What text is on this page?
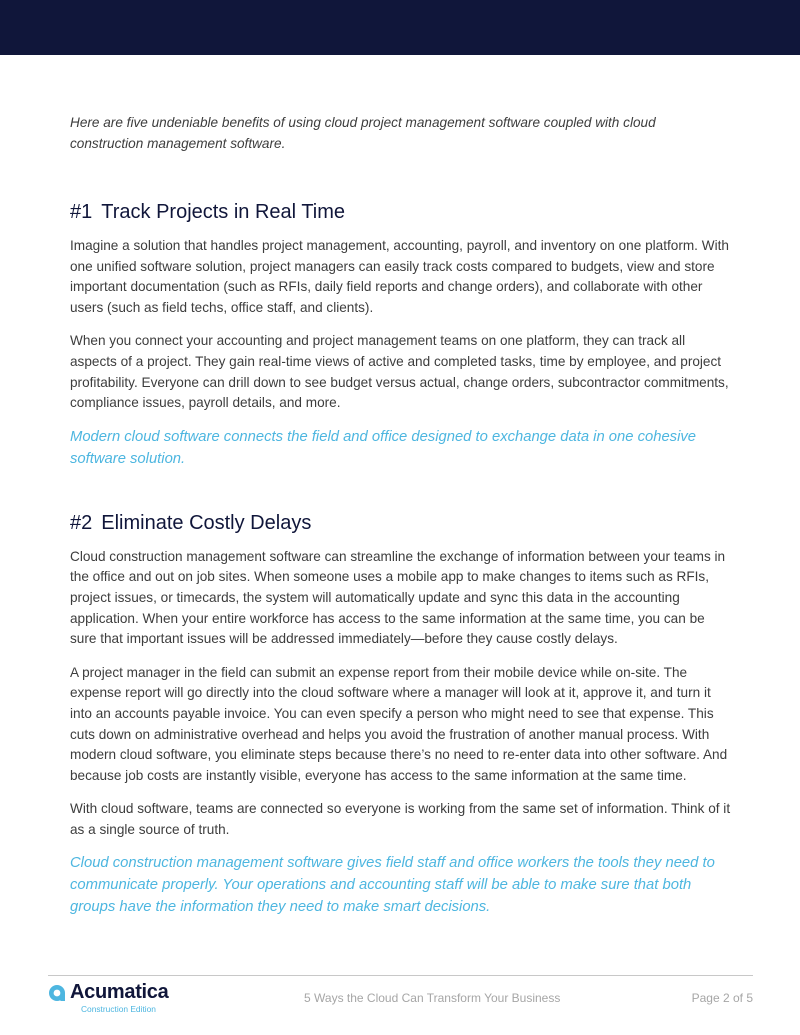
Here are five undeniable benefits of using cloud project management software coupled with cloud construction management software.

#1 Track Projects in Real Time

Imagine a solution that handles project management, accounting, payroll, and inventory on one platform. With one unified software solution, project managers can easily track costs compared to budgets, view and store important documentation (such as RFIs, daily field reports and change orders), and collaborate with other users (such as field techs, office staff, and clients).

When you connect your accounting and project management teams on one platform, they can track all aspects of a project. They gain real-time views of active and completed tasks, time by employee, and project profitability. Everyone can drill down to see budget versus actual, change orders, subcontractor commitments, compliance issues, payroll details, and more.

Modern cloud software connects the field and office designed to exchange data in one cohesive software solution.

#2 Eliminate Costly Delays

Cloud construction management software can streamline the exchange of information between your teams in the office and out on job sites. When someone uses a mobile app to make changes to items such as RFIs, project issues, or timecards, the system will automatically update and sync this data in the accounting application. When your entire workforce has access to the same information at the same time, you can be sure that important issues will be addressed immediately—before they cause costly delays.

A project manager in the field can submit an expense report from their mobile device while on-site. The expense report will go directly into the cloud software where a manager will look at it, approve it, and turn it into an accounts payable invoice. You can even specify a person who might need to see that expense. This cuts down on administrative overhead and helps you avoid the frustration of another manual process. With modern cloud software, you eliminate steps because there’s no need to re-enter data into other software. And because job costs are instantly visible, everyone has access to the same information at the same time.

With cloud software, teams are connected so everyone is working from the same set of information. Think of it as a single source of truth.

Cloud construction management software gives field staff and office workers the tools they need to communicate properly. Your operations and accounting staff will be able to make sure that both groups have the information they need to make smart decisions.

Acumatica
Construction Edition
5 Ways the Cloud Can Transform Your Business	Page 2 of 5
